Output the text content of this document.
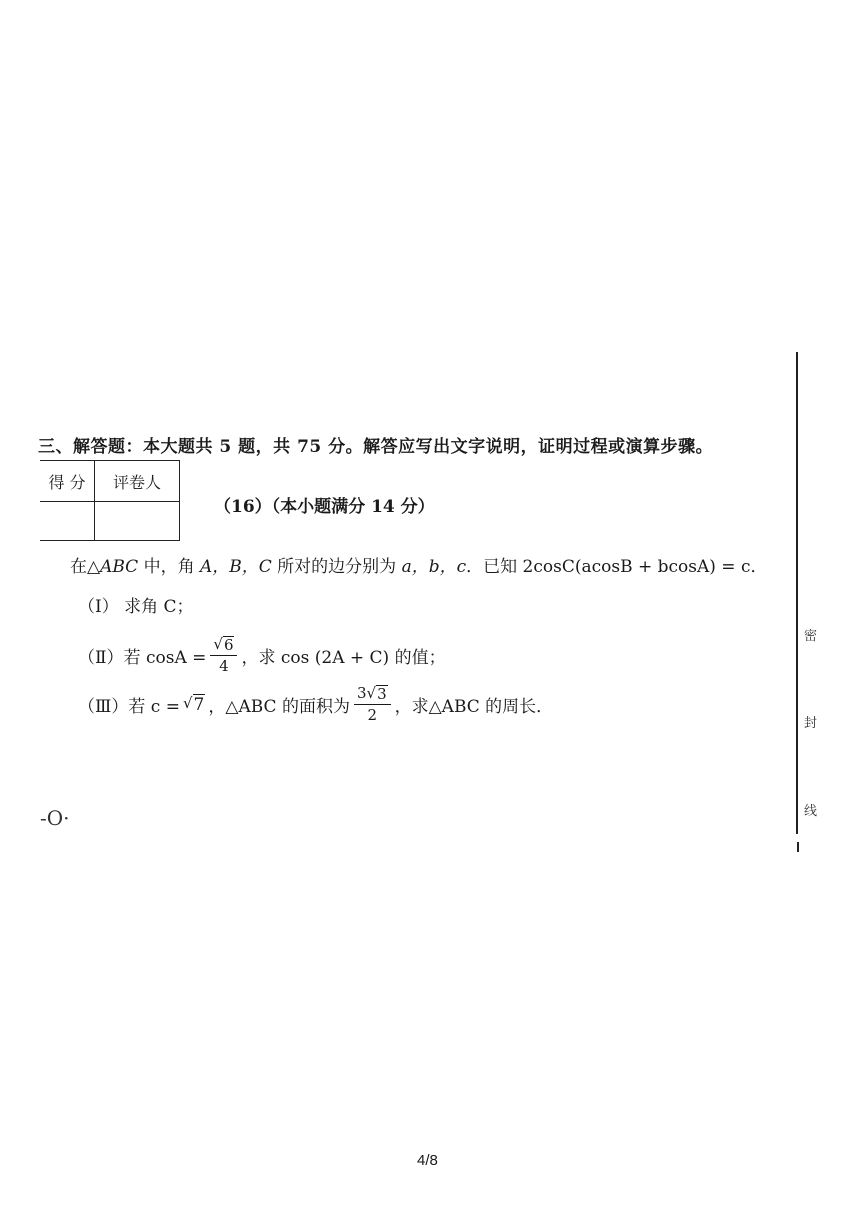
三、解答题：本大题共 5 题，共 75 分。解答应写出文字说明，证明过程或演算步骤。
得 分	评卷人

（16）（本小题满分 14 分）
在△ABC 中，角 A，B，C 所对的边分别为 a，b，c．已知 2cosC(acosB + bcosA) = c．
（Ⅰ） 求角 C；
（Ⅱ） 若 $\cos A = \frac{√ 6}{4}$ ，求 cos (2A + C) 的值；
（Ⅲ） 若 c = √ 7 ，△ABC 的面积为 $\frac{3 √ 3}{2}$ ，求△ABC 的周长．
密
封
线
-O·
4/8
